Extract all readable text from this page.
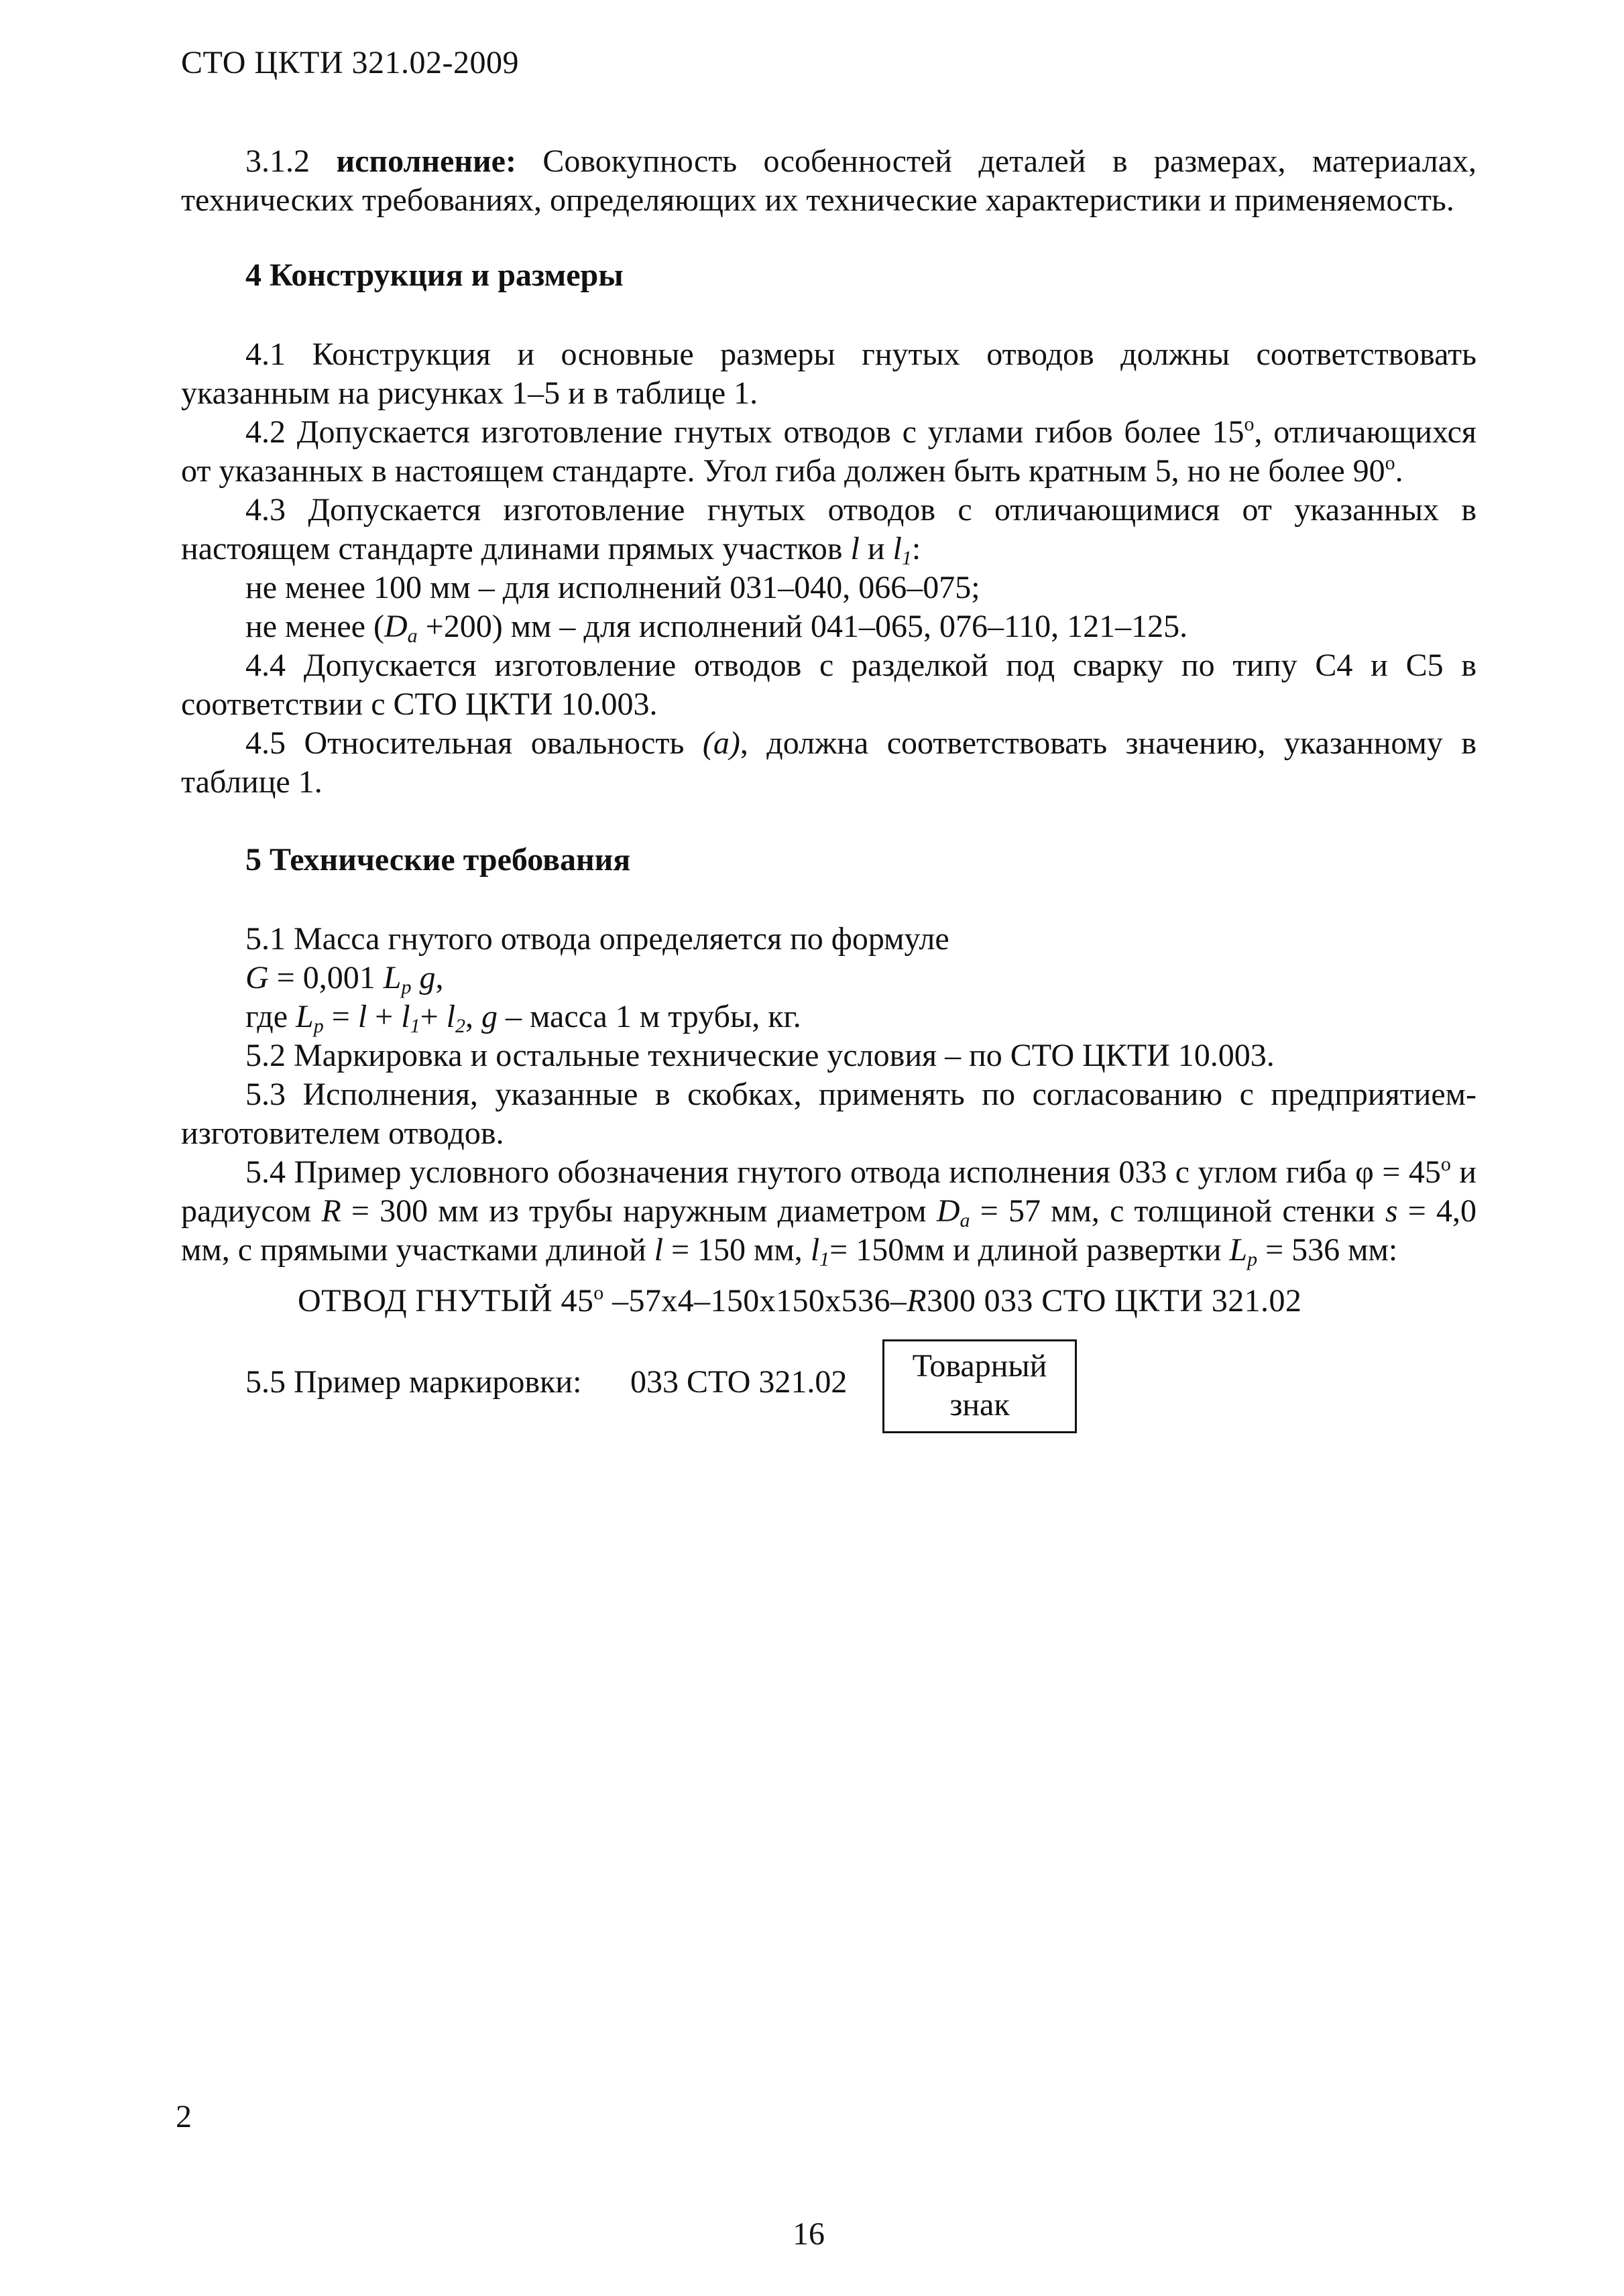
СТО ЦКТИ 321.02-2009

3.1.2 исполнение: Совокупность особенностей деталей в размерах, материалах, технических требованиях, определяющих их технические характеристики и применяемость.

4 Конструкция и размеры

4.1 Конструкция и основные размеры гнутых отводов должны соответствовать указанным на рисунках 1–5 и в таблице 1.

4.2 Допускается изготовление гнутых отводов с углами гибов более $15^о$, отличающихся от указанных в настоящем стандарте. Угол гиба должен быть кратным 5, но не более $90^о$.

4.3 Допускается изготовление гнутых отводов с отличающимися от указанных в настоящем стандарте длинами прямых участков l и $l_1$:

не менее 100 мм – для исполнений 031–040, 066–075;
не менее $(D_a +200)$ мм – для исполнений 041–065, 076–110, 121–125.

4.4 Допускается изготовление отводов с разделкой под сварку по типу С4 и С5 в соответствии с СТО ЦКТИ 10.003.

4.5 Относительная овальность (a), должна соответствовать значению, указанному в таблице 1.

5 Технические требования
5.1 Масса гнутого отвода определяется по формуле
G = 0,001 $L_p$ g,
где $L_p = l + l_1+ l_2$, g – масса 1 м трубы, кг.

5.2 Маркировка и остальные технические условия – по СТО ЦКТИ 10.003.

5.3 Исполнения, указанные в скобках, применять по согласованию с предприятием-изготовителем отводов.

5.4 Пример условного обозначения гнутого отвода исполнения 033 с углом гиба $\varphi = 45^о$ и радиусом R = 300 мм из трубы наружным диаметром $D_a = 57$ мм, с толщиной стенки s = 4,0 мм, с прямыми участками длиной l = 150 мм, $l_1= 150мм$ и длиной развертки $L_p = 536$ мм:

ОТВОД ГНУТЫЙ $45^о$ –57х4–150х150х536–R300 033 СТО ЦКТИ 321.02
5.5 Пример маркировки: 033 СТО 321.02	Товарный
знак
2
16
